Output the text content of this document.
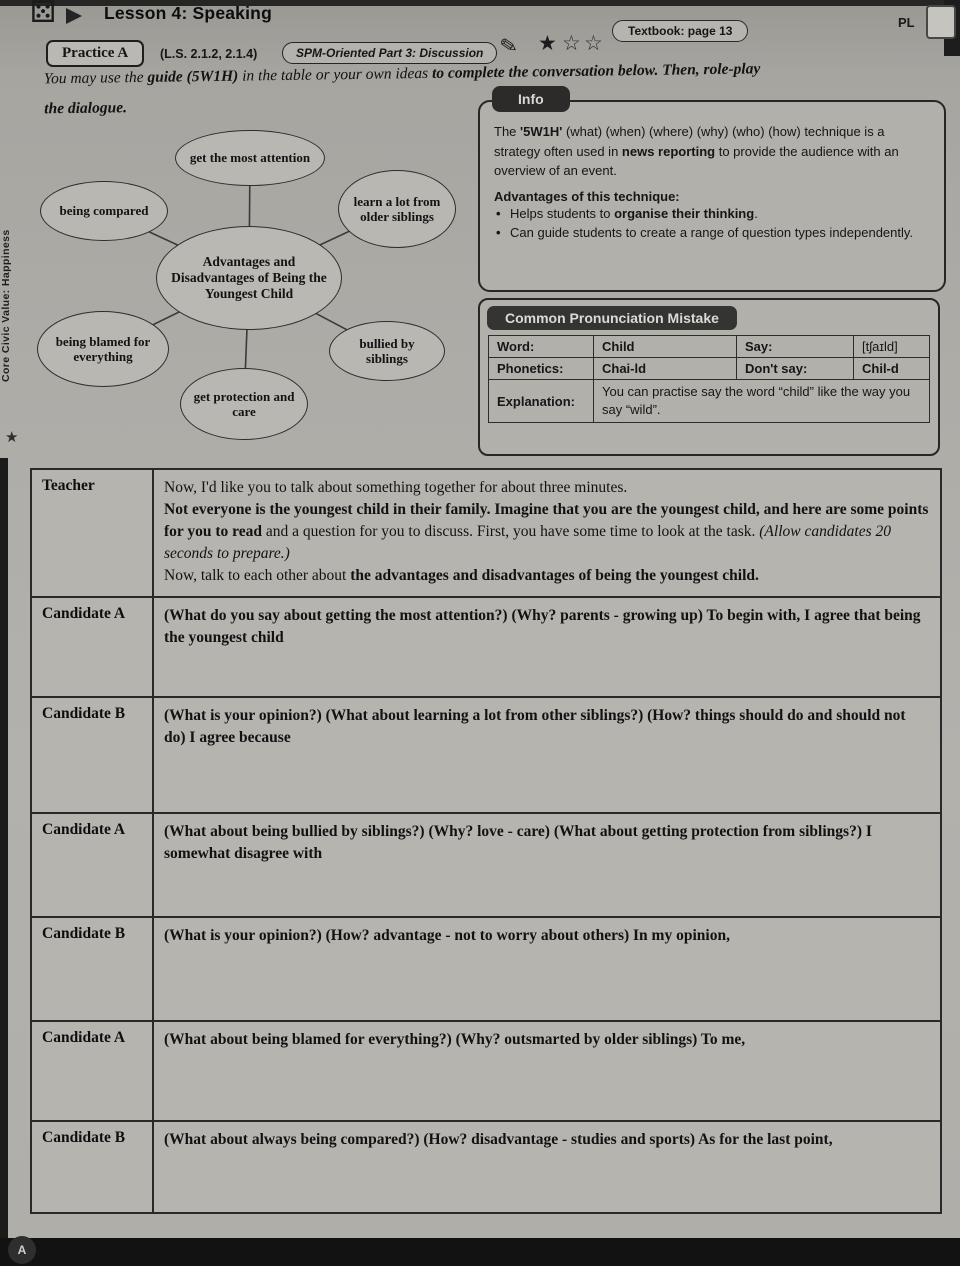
⚄	Lesson 4: Speaking	PL
Practice A	(L.S. 2.1.2, 2.1.4)	SPM-Oriented Part 3: Discussion ✎ ★ ☆ ☆
Textbook: page 13
You may use the guide (5W1H) in the table or your own ideas to complete the conversation below. Then, role-play
the dialogue.
Core Civic Value: Happiness
★
get the most attention
learn a lot from older siblings
being compared
Advantages and Disadvantages of Being the Youngest Child
being blamed for everything
bullied by siblings
get protection and care
Info
The '5W1H' (what) (when) (where) (why) (who) (how) technique is a strategy often used in news reporting to provide the audience with an overview of an event.
Advantages of this technique:
• Helps students to organise their thinking.
• Can guide students to create a range of question types independently.
Common Pronunciation Mistake
Word:	Child	Say:	[tʃaɪld]
Phonetics:	Chai-ld	Don't say:	Chil-d
Explanation:	You can practise say the word “child” like the way you say “wild”.		
Teacher	Now, I'd like you to talk about something together for about three minutes.
Not everyone is the youngest child in their family. Imagine that you are the youngest child, and here are some points for you to read and a question for you to discuss. First, you have some time to look at the task. (Allow candidates 20 seconds to prepare.)
Now, talk to each other about the advantages and disadvantages of being the youngest child.
Candidate A	(What do you say about getting the most attention?) (Why? parents - growing up) To begin with, I agree that being the youngest child
Candidate B	(What is your opinion?) (What about learning a lot from other siblings?) (How? things should do and should not do) I agree because
Candidate A	(What about being bullied by siblings?) (Why? love - care) (What about getting protection from siblings?) I somewhat disagree with
Candidate B	(What is your opinion?) (How? advantage - not to worry about others) In my opinion,
Candidate A	(What about being blamed for everything?) (Why? outsmarted by older siblings) To me,
Candidate B	(What about always being compared?) (How? disadvantage - studies and sports) As for the last point,
A
